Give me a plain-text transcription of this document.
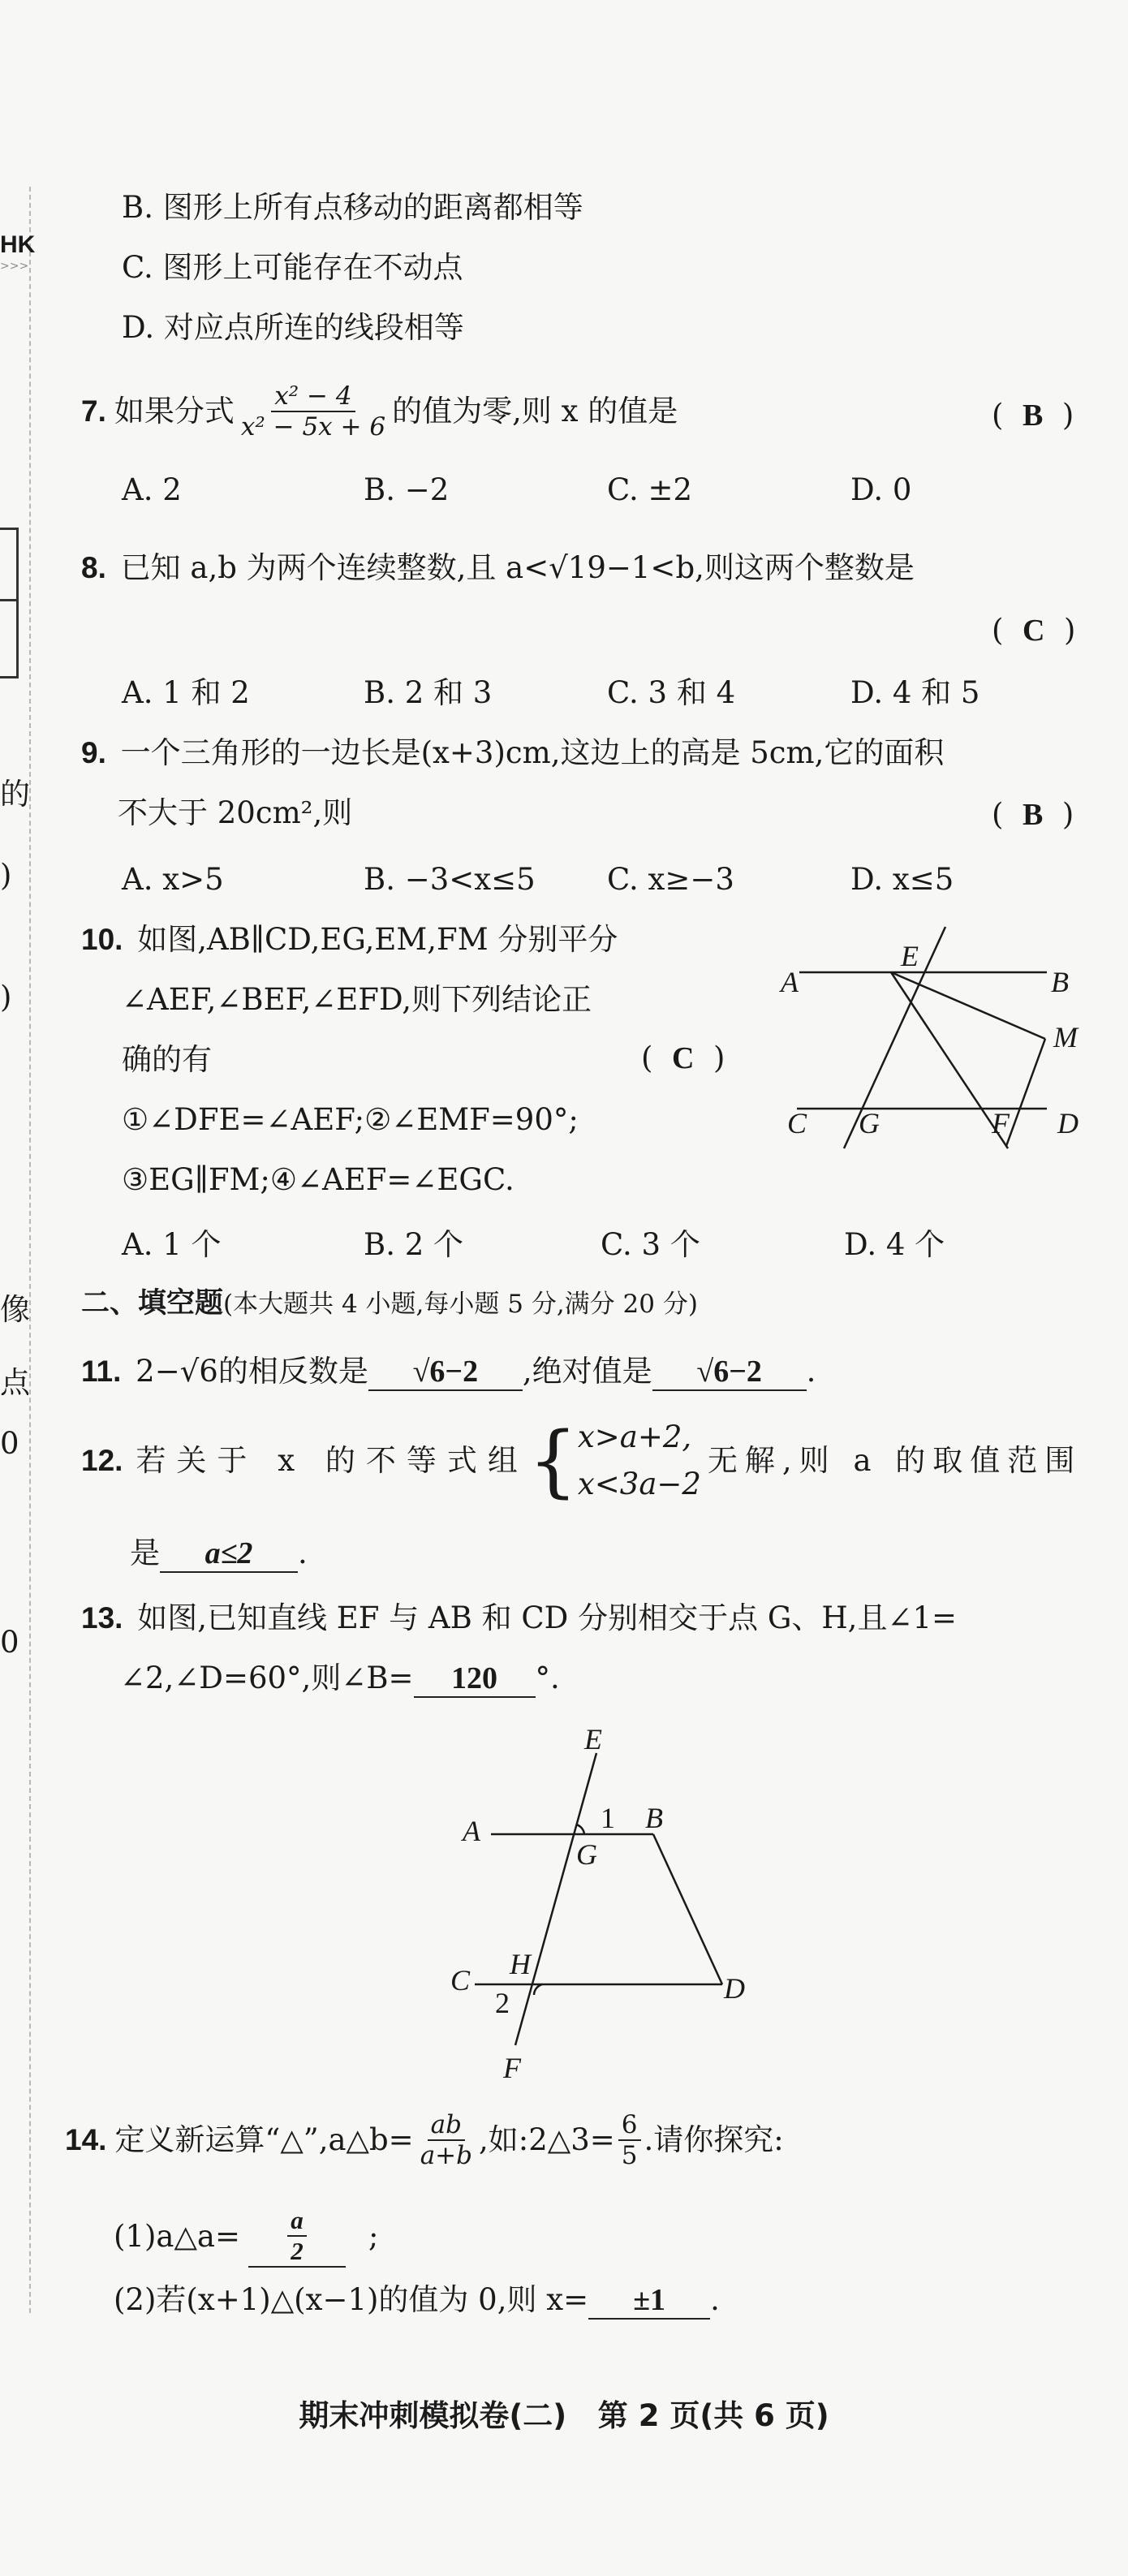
HK
>>>
的
)
)
像
点
0
0
B. 图形上所有点移动的距离都相等
C. 图形上可能存在不动点
D. 对应点所连的线段相等
7. 如果分式 $\frac{\text{x² − 4}}{\text{x² − 5x + 6}}$ 的值为零,则 x 的值是	(  B  )
A. 2	B. −2	C. ±2	D. 0
8. 已知 a,b 为两个连续整数,且 a<√19−1<b,则这两个整数是
(  C  )
A. 1 和 2	B. 2 和 3	C. 3 和 4	D. 4 和 5
9. 一个三角形的一边长是(x+3)cm,这边上的高是 5cm,它的面积
不大于 20cm²,则	(  B  )
A. x>5	B. −3<x≤5 C. x≥−3	D. x≤5
10. 如图,AB∥CD,EG,EM,FM 分别平分
∠AEF,∠BEF,∠EFD,则下列结论正
确的有	(  C  )
①∠DFE=∠AEF;②∠EMF=90°;
③EG∥FM;④∠AEF=∠EGC.
A. 1 个	B. 2 个	C. 3 个	D. 4 个
A	B
C	D
E
F
G
M
二、填空题(本大题共 4 小题,每小题 5 分,满分 20 分)
11. 2−√6的相反数是 √6−2 ,绝对值是 √6−2 .
12. 若关于 x 的不等式组 { x>a+2,
x<3a−2
无解,则 a 的取值范围
是 a≤2 .
13. 如图,已知直线 EF 与 AB 和 CD 分别相交于点 G、H,且∠1=
∠2,∠D=60°,则∠B= 120 °.
E
A	1 B
G
H
C
2	D
F
14. 定义新运算“△”,a△b= $\frac{ab}{a+b}$ ,如:2△3= $\frac{6}{5}$ .请你探究:
(1)a△a= $\frac{a}{2}$ ;
(2)若(x+1)△(x−1)的值为 0,则 x= ±1 .
期末冲刺模拟卷(二)   第 2 页(共 6 页)
